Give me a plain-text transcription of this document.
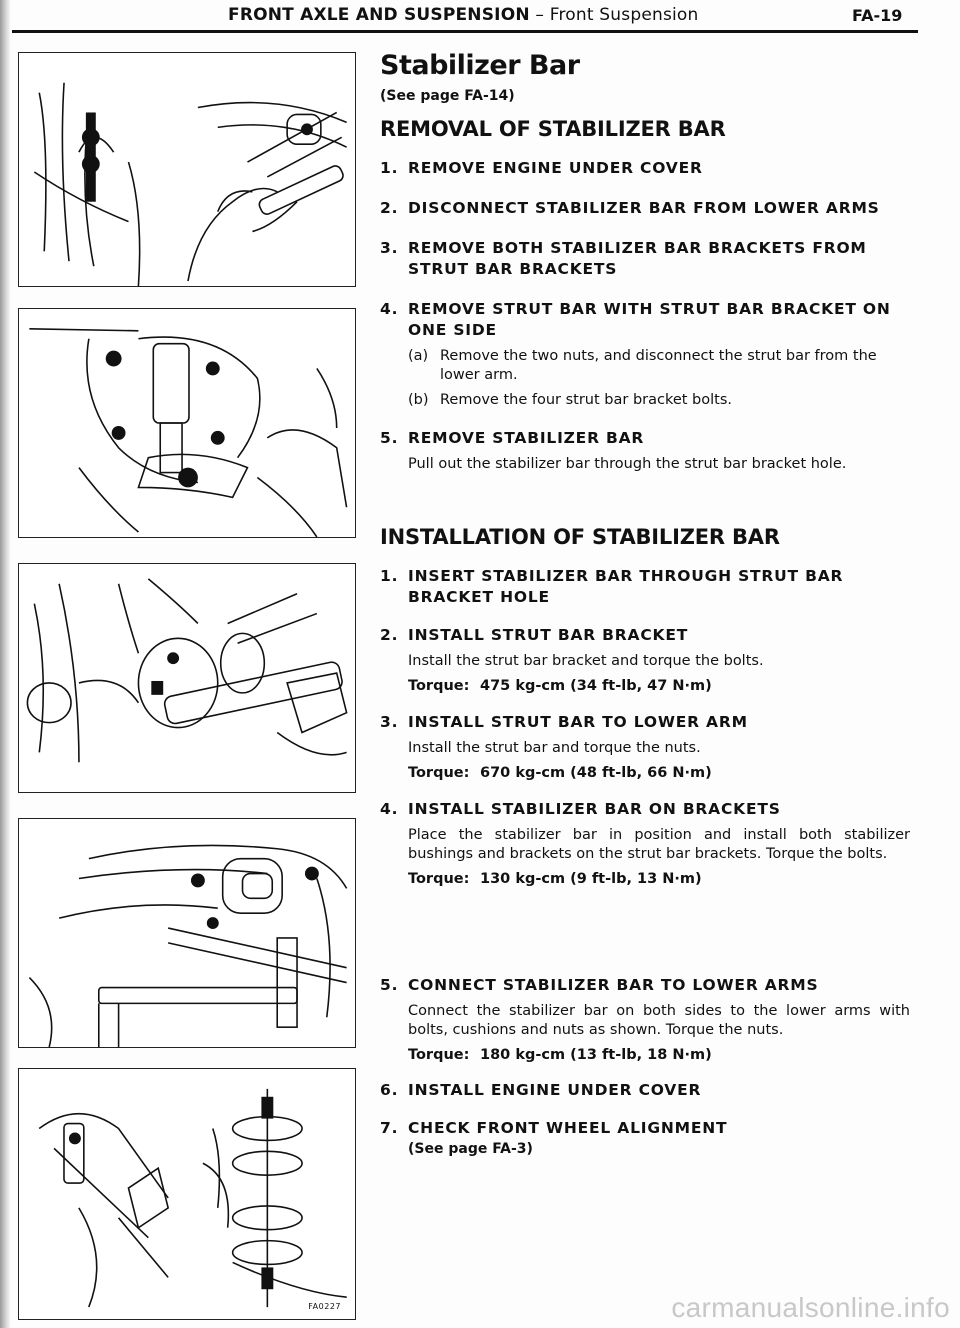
FRONT AXLE AND SUSPENSION – Front Suspension	FA-19
FA0227
Stabilizer Bar
(See page FA-14)
REMOVAL OF STABILIZER BAR
1. REMOVE ENGINE UNDER COVER
2. DISCONNECT STABILIZER BAR FROM LOWER ARMS
3. REMOVE BOTH STABILIZER BAR BRACKETS FROM STRUT BAR BRACKETS
4. REMOVE STRUT BAR WITH STRUT BAR BRACKET ON ONE SIDE
(a) Remove the two nuts, and disconnect the strut bar from the lower arm.
(b) Remove the four strut bar bracket bolts.
5. REMOVE STABILIZER BAR
Pull out the stabilizer bar through the strut bar bracket hole.
INSTALLATION OF STABILIZER BAR
1. INSERT STABILIZER BAR THROUGH STRUT BAR BRACKET HOLE
2. INSTALL STRUT BAR BRACKET
Install the strut bar bracket and torque the bolts.
Torque: 475 kg-cm (34 ft-lb, 47 N·m)
3. INSTALL STRUT BAR TO LOWER ARM
Install the strut bar and torque the nuts.
Torque: 670 kg-cm (48 ft-lb, 66 N·m)
4. INSTALL STABILIZER BAR ON BRACKETS
Place the stabilizer bar in position and install both stabilizer bushings and brackets on the strut bar brackets. Torque the bolts.
Torque: 130 kg-cm (9 ft-lb, 13 N·m)
5. CONNECT STABILIZER BAR TO LOWER ARMS
Connect the stabilizer bar on both sides to the lower arms with bolts, cushions and nuts as shown. Torque the nuts.
Torque: 180 kg-cm (13 ft-lb, 18 N·m)
6. INSTALL ENGINE UNDER COVER
7. CHECK FRONT WHEEL ALIGNMENT
(See page FA-3)
carmanualsonline.info
